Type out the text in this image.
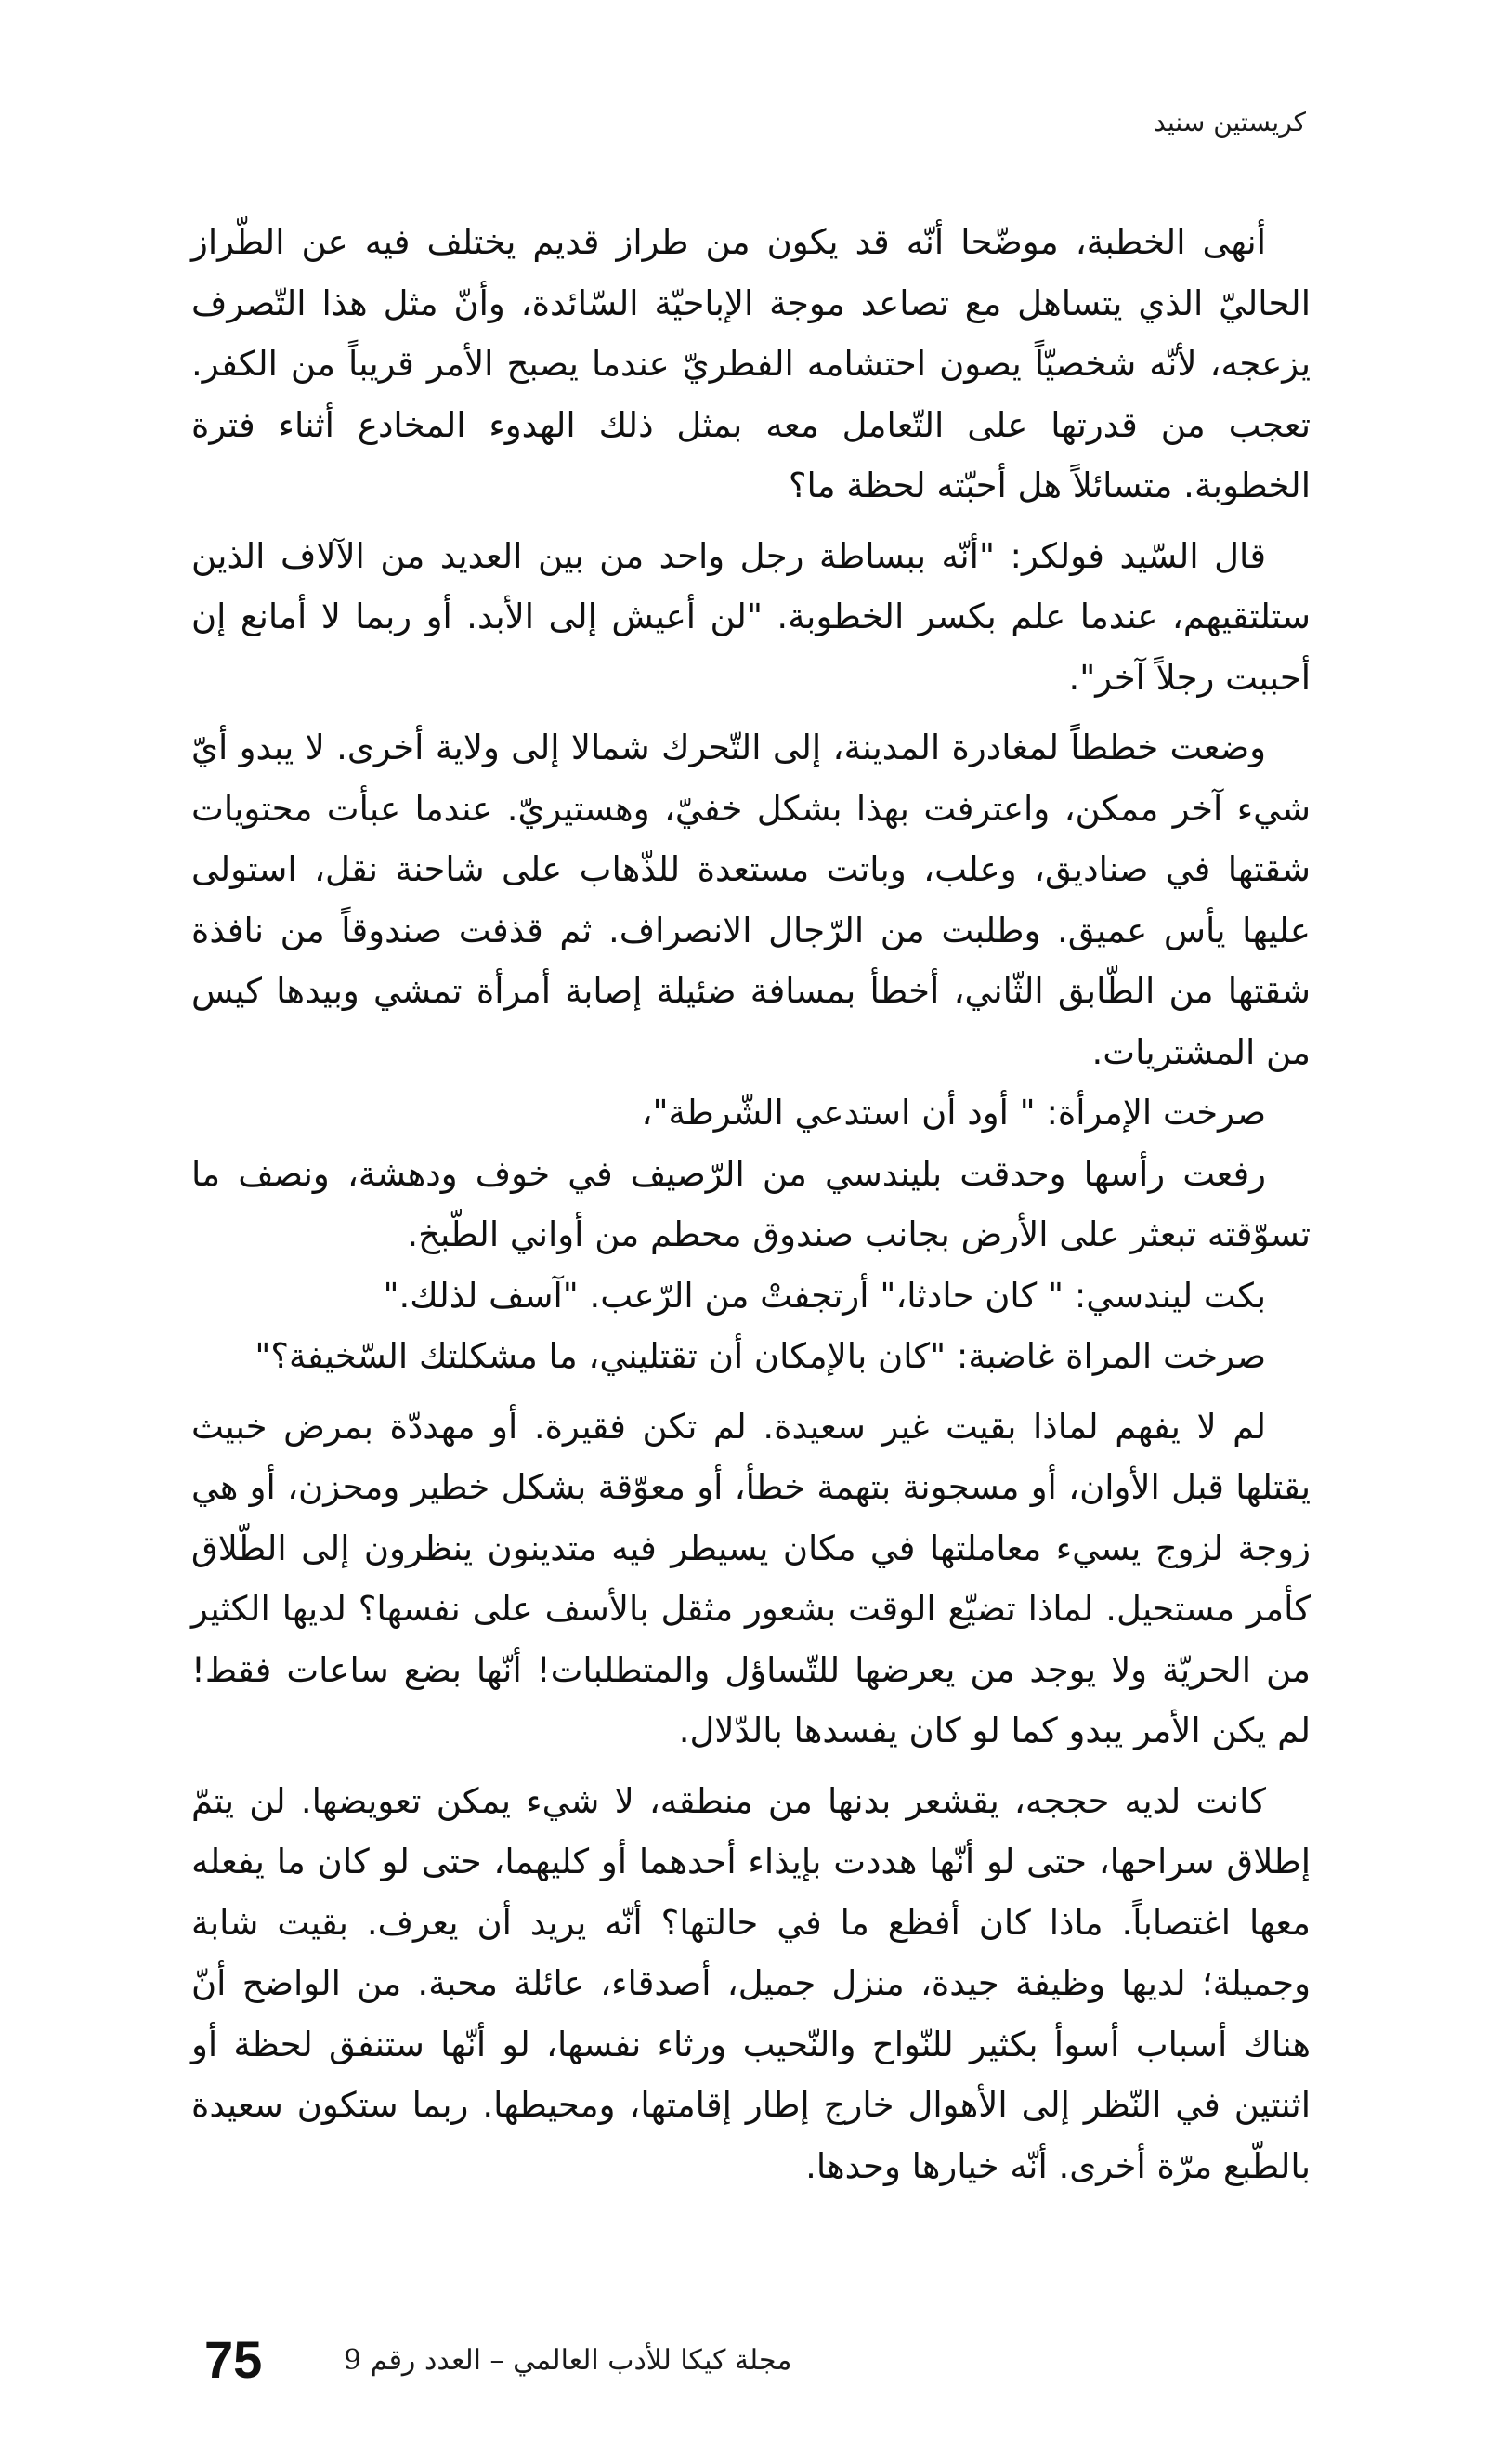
كريستين سنيد

أنهى الخطبة، موضّحا أنّه قد يكون من طراز قديم يختلف فيه عن الطّراز الحاليّ الذي يتساهل مع تصاعد موجة الإباحيّة السّائدة، وأنّ مثل هذا التّصرف يزعجه، لأنّه شخصيّاً يصون احتشامه الفطريّ عندما يصبح الأمر قريباً من الكفر. تعجب من قدرتها على التّعامل معه بمثل ذلك الهدوء المخادع أثناء فترة الخطوبة. متسائلاً هل أحبّته لحظة ما؟

قال السّيد فولكر: "أنّه ببساطة رجل واحد من بين العديد من الآلاف الذين ستلتقيهم، عندما علم بكسر الخطوبة. "لن أعيش إلى الأبد. أو ربما لا أمانع إن أحببت رجلاً آخر".

وضعت خططاً لمغادرة المدينة، إلى التّحرك شمالا إلى ولاية أخرى. لا يبدو أيّ شيء آخر ممكن، واعترفت بهذا بشكل خفيّ، وهستيريّ. عندما عبأت محتويات شقتها في صناديق، وعلب، وباتت مستعدة للذّهاب على شاحنة نقل، استولى عليها يأس عميق. وطلبت من الرّجال الانصراف. ثم قذفت صندوقاً من نافذة شقتها من الطّابق الثّاني، أخطأ بمسافة ضئيلة إصابة أمرأة تمشي وبيدها كيس من المشتريات.

صرخت الإمرأة: " أود أن استدعي الشّرطة"،

رفعت رأسها وحدقت بليندسي من الرّصيف في خوف ودهشة، ونصف ما تسوّقته تبعثر على الأرض بجانب صندوق محطم من أواني الطّبخ.

بكت ليندسي: " كان حادثا،" أرتجفتْ من الرّعب. "آسف لذلك."

صرخت المراة غاضبة: "كان بالإمكان أن تقتليني، ما مشكلتك السّخيفة؟"

لم لا يفهم لماذا بقيت غير سعيدة. لم تكن فقيرة. أو مهددّة بمرض خبيث يقتلها قبل الأوان، أو مسجونة بتهمة خطأ، أو معوّقة بشكل خطير ومحزن، أو هي زوجة لزوج يسيء معاملتها في مكان يسيطر فيه متدينون ينظرون إلى الطّلاق كأمر مستحيل. لماذا تضيّع الوقت بشعور مثقل بالأسف على نفسها؟ لديها الكثير من الحريّة ولا يوجد من يعرضها للتّساؤل والمتطلبات! أنّها بضع ساعات فقط! لم يكن الأمر يبدو كما لو كان يفسدها بالدّلال.

كانت لديه حججه، يقشعر بدنها من منطقه، لا شيء يمكن تعويضها. لن يتمّ إطلاق سراحها، حتى لو أنّها هددت بإيذاء أحدهما أو كليهما، حتى لو كان ما يفعله معها اغتصاباً. ماذا كان أفظع ما في حالتها؟ أنّه يريد أن يعرف. بقيت شابة وجميلة؛ لديها وظيفة جيدة، منزل جميل، أصدقاء، عائلة محبة. من الواضح أنّ هناك أسباب أسوأ بكثير للنّواح والنّحيب ورثاء نفسها، لو أنّها ستنفق لحظة أو اثنتين في النّظر إلى الأهوال خارج إطار إقامتها، ومحيطها. ربما ستكون سعيدة بالطّبع مرّة أخرى. أنّه خيارها وحدها.

75	مجلة كيكا للأدب العالمي – العدد رقم 9
